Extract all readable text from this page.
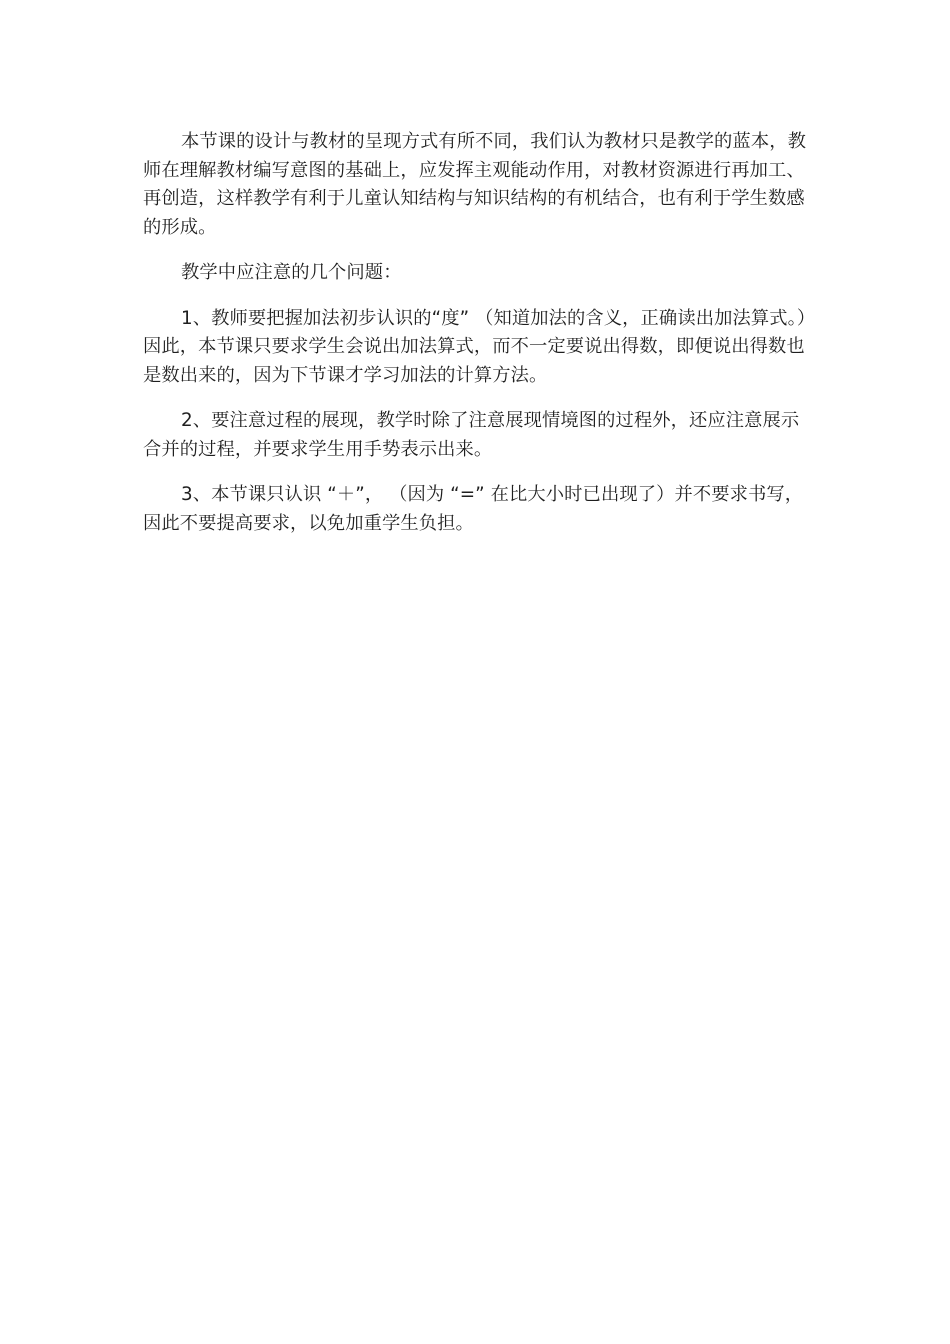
本节课的设计与教材的呈现方式有所不同，我们认为教材只是教学的蓝本，教师在理解教材编写意图的基础上，应发挥主观能动作用，对教材资源进行再加工、再创造，这样教学有利于儿童认知结构与知识结构的有机结合，也有利于学生数感的形成。

教学中应注意的几个问题：

1、教师要把握加法初步认识的“度” （知道加法的含义，正确读出加法算式。）因此，本节课只要求学生会说出加法算式，而不一定要说出得数，即便说出得数也是数出来的，因为下节课才学习加法的计算方法。

2、要注意过程的展现，教学时除了注意展现情境图的过程外，还应注意展示合并的过程，并要求学生用手势表示出来。

3、本节课只认识 “＋”， （因为 “=” 在比大小时已出现了）并不要求书写，因此不要提高要求，以免加重学生负担。
